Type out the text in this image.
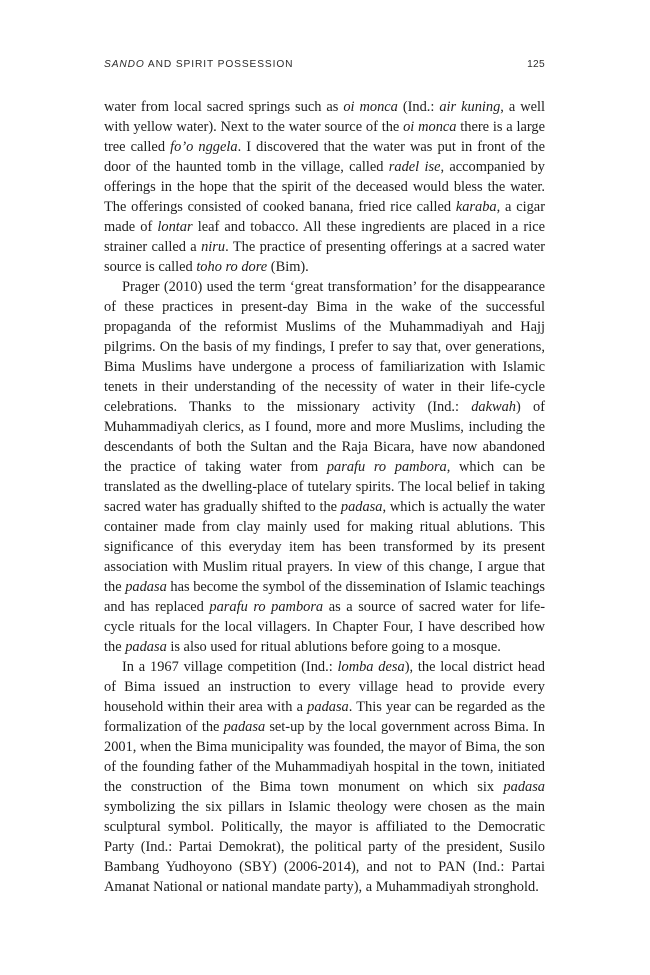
SANDO AND SPIRIT POSSESSION	125

water from local sacred springs such as oi monca (Ind.: air kuning, a well with yellow water). Next to the water source of the oi monca there is a large tree called fo’o nggela. I discovered that the water was put in front of the door of the haunted tomb in the village, called radel ise, accompanied by offerings in the hope that the spirit of the deceased would bless the water. The offerings consisted of cooked banana, fried rice called karaba, a cigar made of lontar leaf and tobacco. All these ingredients are placed in a rice strainer called a niru. The practice of presenting offerings at a sacred water source is called toho ro dore (Bim).

Prager (2010) used the term ‘great transformation’ for the disappearance of these practices in present-day Bima in the wake of the successful propaganda of the reformist Muslims of the Muhammadiyah and Hajj pilgrims. On the basis of my findings, I prefer to say that, over generations, Bima Muslims have undergone a process of familiarization with Islamic tenets in their understanding of the necessity of water in their life-cycle celebrations. Thanks to the missionary activity (Ind.: dakwah) of Muhammadiyah clerics, as I found, more and more Muslims, including the descendants of both the Sultan and the Raja Bicara, have now abandoned the practice of taking water from parafu ro pambora, which can be translated as the dwelling-place of tutelary spirits. The local belief in taking sacred water has gradually shifted to the padasa, which is actually the water container made from clay mainly used for making ritual ablutions. This significance of this everyday item has been transformed by its present association with Muslim ritual prayers. In view of this change, I argue that the padasa has become the symbol of the dissemination of Islamic teachings and has replaced parafu ro pambora as a source of sacred water for life-cycle rituals for the local villagers. In Chapter Four, I have described how the padasa is also used for ritual ablutions before going to a mosque.

In a 1967 village competition (Ind.: lomba desa), the local district head of Bima issued an instruction to every village head to provide every household within their area with a padasa. This year can be regarded as the formalization of the padasa set-up by the local government across Bima. In 2001, when the Bima municipality was founded, the mayor of Bima, the son of the founding father of the Muhammadiyah hospital in the town, initiated the construction of the Bima town monument on which six padasa symbolizing the six pillars in Islamic theology were chosen as the main sculptural symbol. Politically, the mayor is affiliated to the Democratic Party (Ind.: Partai Demokrat), the political party of the president, Susilo Bambang Yudhoyono (SBY) (2006-2014), and not to PAN (Ind.: Partai Amanat National or national mandate party), a Muhammadiyah stronghold.
